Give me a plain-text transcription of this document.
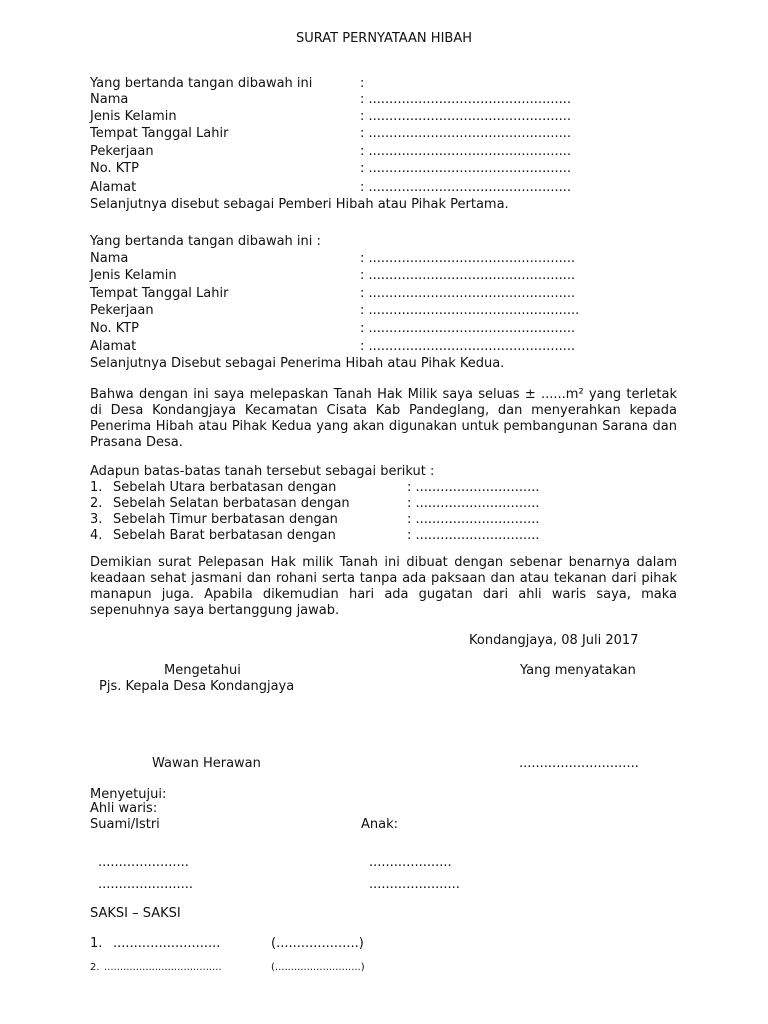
SURAT PERNYATAAN HIBAH
Yang bertanda tangan dibawah ini	:
Nama	: .................................................
Jenis Kelamin	: .................................................
Tempat Tanggal Lahir	: .................................................
Pekerjaan	: .................................................
No. KTP	: .................................................
Alamat	: .................................................
Selanjutnya disebut sebagai Pemberi Hibah atau Pihak Pertama.
Yang bertanda tangan dibawah ini :
Nama	: ..................................................
Jenis Kelamin	: ..................................................
Tempat Tanggal Lahir	: ..................................................
Pekerjaan	: ...................................................
No. KTP	: ..................................................
Alamat	: ..................................................
Selanjutnya Disebut sebagai Penerima Hibah atau Pihak Kedua.
Bahwa dengan ini saya melepaskan Tanah Hak Milik saya seluas ± ......m² yang terletak di Desa Kondangjaya Kecamatan Cisata Kab Pandeglang, dan menyerahkan kepada Penerima Hibah atau Pihak Kedua yang akan digunakan untuk pembangunan Sarana dan Prasana Desa.
Adapun batas-batas tanah tersebut sebagai berikut :
1. Sebelah Utara berbatasan dengan	: ..............................
2. Sebelah Selatan berbatasan dengan	: ..............................
3. Sebelah Timur berbatasan dengan	: ..............................
4. Sebelah Barat berbatasan dengan	: ..............................
Demikian surat Pelepasan Hak milik Tanah ini dibuat dengan sebenar benarnya dalam keadaan sehat jasmani dan rohani serta tanpa ada paksaan dan atau tekanan dari pihak manapun juga. Apabila dikemudian hari ada gugatan dari ahli waris saya, maka sepenuhnya saya bertanggung jawab.
Kondangjaya, 08 Juli 2017
Mengetahui	Yang menyatakan
Pjs. Kepala Desa Kondangjaya
Wawan Herawan	.............................
Menyetujui:
Ahli waris:
Suami/Istri	Anak:
......................	....................
.......................	......................
SAKSI – SAKSI
1. ..........................	(....................)
2. .....................................	(...........................)
